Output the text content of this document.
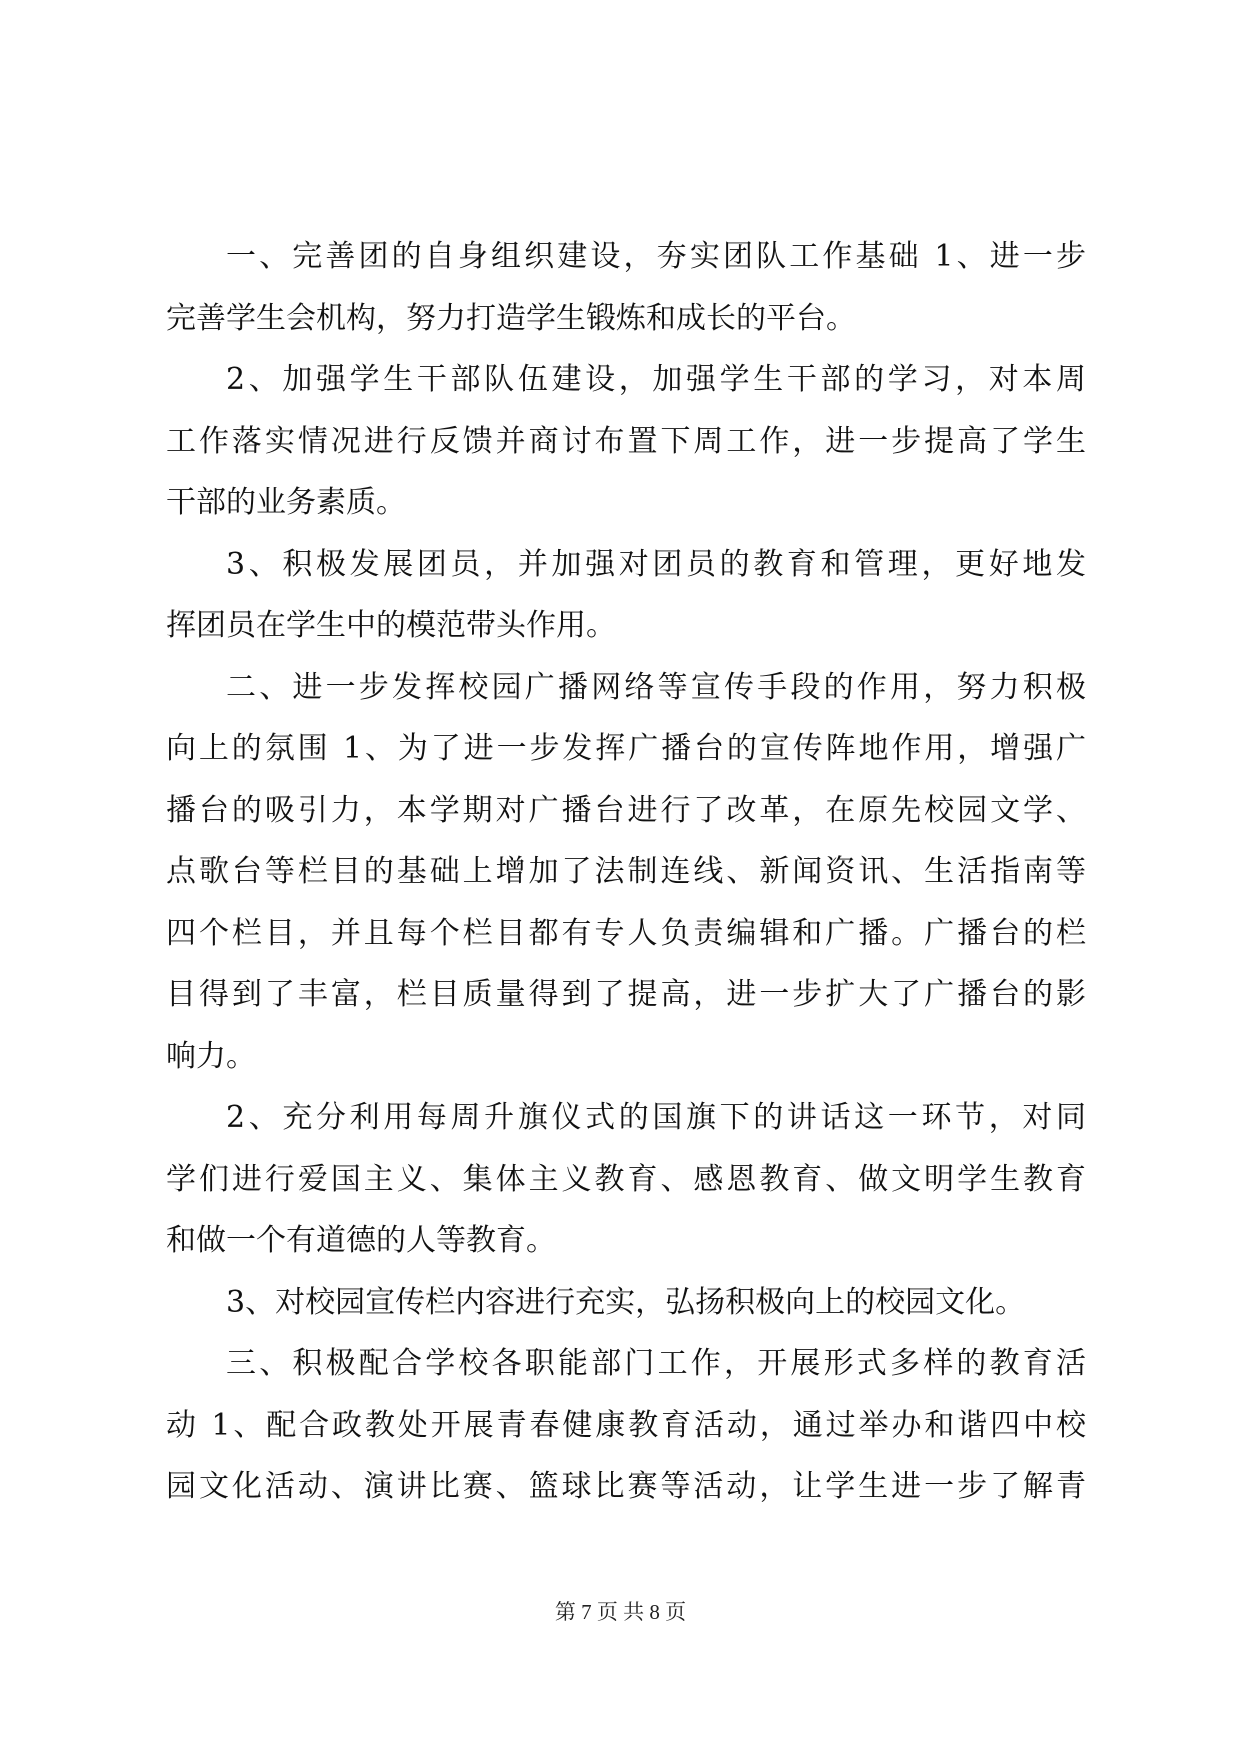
一、完善团的自身组织建设，夯实团队工作基础 1、进一步
完善学生会机构，努力打造学生锻炼和成长的平台。
2、加强学生干部队伍建设，加强学生干部的学习，对本周
工作落实情况进行反馈并商讨布置下周工作，进一步提高了学生
干部的业务素质。
3、积极发展团员，并加强对团员的教育和管理，更好地发
挥团员在学生中的模范带头作用。
二、进一步发挥校园广播网络等宣传手段的作用，努力积极
向上的氛围 1、为了进一步发挥广播台的宣传阵地作用，增强广
播台的吸引力，本学期对广播台进行了改革，在原先校园文学、
点歌台等栏目的基础上增加了法制连线、新闻资讯、生活指南等
四个栏目，并且每个栏目都有专人负责编辑和广播。广播台的栏
目得到了丰富，栏目质量得到了提高，进一步扩大了广播台的影
响力。
2、充分利用每周升旗仪式的国旗下的讲话这一环节，对同
学们进行爱国主义、集体主义教育、感恩教育、做文明学生教育
和做一个有道德的人等教育。
3、对校园宣传栏内容进行充实，弘扬积极向上的校园文化。
三、积极配合学校各职能部门工作，开展形式多样的教育活
动 1、配合政教处开展青春健康教育活动，通过举办和谐四中校
园文化活动、演讲比赛、篮球比赛等活动，让学生进一步了解青
第 7 页 共 8 页
